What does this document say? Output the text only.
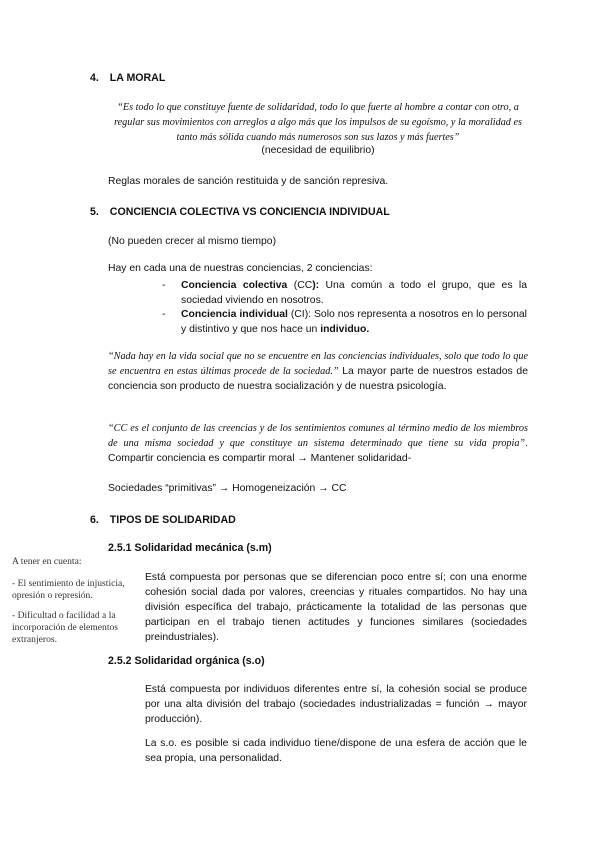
4. LA MORAL
“Es todo lo que constituye fuente de solidaridad, todo lo que fuerte al hombre a contar con otro, a regular sus movimientos con arreglos a algo más que los impulsos de su egoísmo, y la moralidad es tanto más sólida cuando más numerosos son sus lazos y más fuertes”
(necesidad de equilibrio)
Reglas morales de sanción restituida y de sanción represiva.
5. CONCIENCIA COLECTIVA VS CONCIENCIA INDIVIDUAL
(No pueden crecer al mismo tiempo)
Hay en cada una de nuestras conciencias, 2 conciencias:
- Conciencia colectiva (CC): Una común a todo el grupo, que es la sociedad viviendo en nosotros.
- Conciencia individual (CI): Solo nos representa a nosotros en lo personal y distintivo y que nos hace un individuo.
“Nada hay en la vida social que no se encuentre en las conciencias individuales, solo que todo lo que se encuentra en estas últimas procede de la sociedad.” La mayor parte de nuestros estados de conciencia son producto de nuestra socialización y de nuestra psicología.
“CC es el conjunto de las creencias y de los sentimientos comunes al término medio de los miembros de una misma sociedad y que constituye un sistema determinado que tiene su vida propia”. Compartir conciencia es compartir moral → Mantener solidaridad-
Sociedades “primitivas” → Homogeneización → CC
6. TIPOS DE SOLIDARIDAD
2.5.1 Solidaridad mecánica (s.m)
Está compuesta por personas que se diferencian poco entre sí; con una enorme cohesión social dada por valores, creencias y rituales compartidos. No hay una división específica del trabajo, prácticamente la totalidad de las personas que participan en el trabajo tienen actitudes y funciones similares (sociedades preindustriales).
2.5.2 Solidaridad orgánica (s.o)
Está compuesta por individuos diferentes entre sí, la cohesión social se produce por una alta división del trabajo (sociedades industrializadas = función → mayor producción).
La s.o. es posible si cada individuo tiene/dispone de una esfera de acción que le sea propia, una personalidad.
A tener en cuenta:
- El sentimiento de injusticia, opresión o represión.
- Dificultad o facilidad a la incorporación de elementos extranjeros.
